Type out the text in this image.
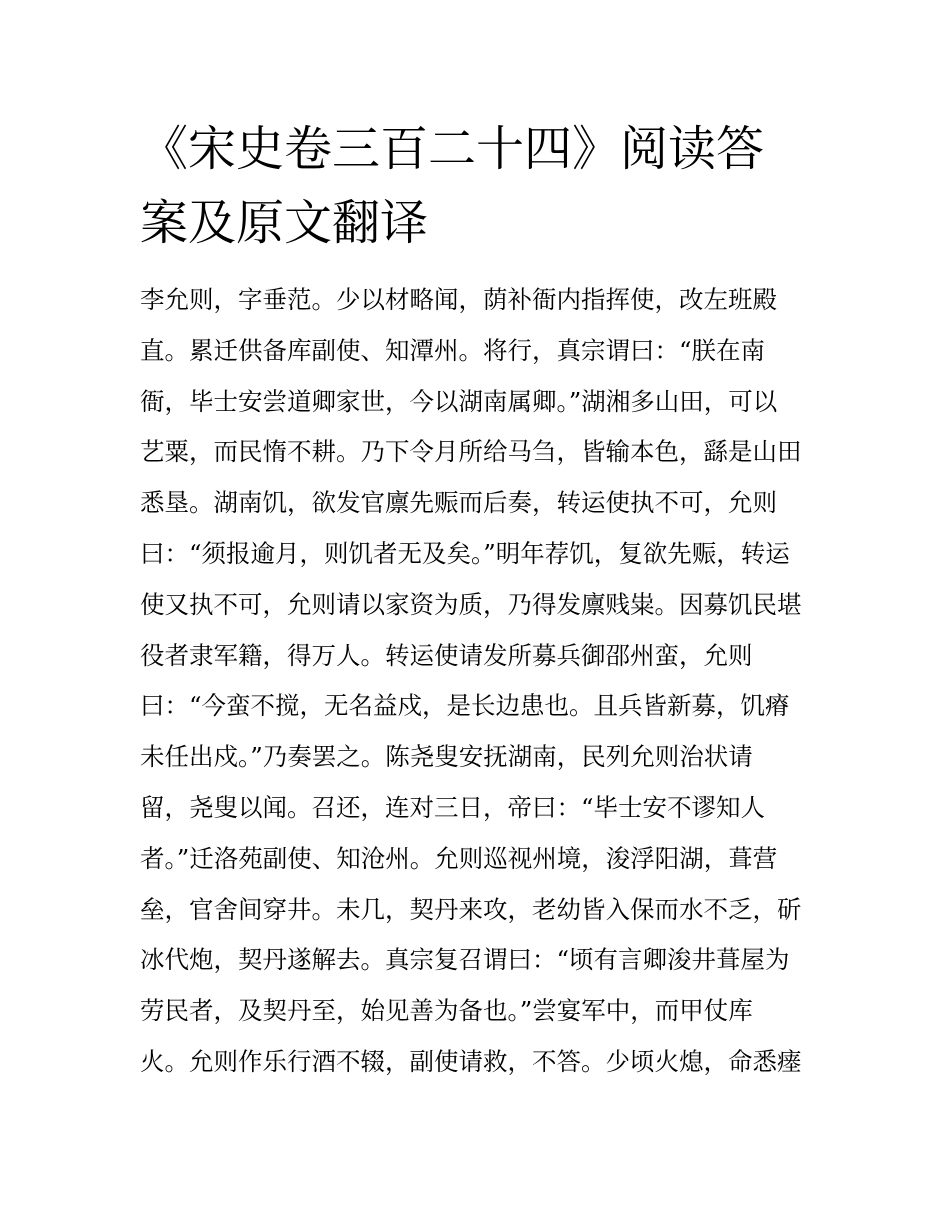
《宋史卷三百二十四》阅读答
案及原文翻译
李允则，字垂范。少以材略闻，荫补衙内指挥使，改左班殿
直。累迁供备库副使、知潭州。将行，真宗谓曰：“朕在南
衙，毕士安尝道卿家世，今以湖南属卿。”湖湘多山田，可以
艺粟，而民惰不耕。乃下令月所给马刍，皆输本色，繇是山田
悉垦。湖南饥，欲发官廪先赈而后奏，转运使执不可，允则
曰：“须报逾月，则饥者无及矣。”明年荐饥，复欲先赈，转运
使又执不可，允则请以家资为质，乃得发廪贱粜。因募饥民堪
役者隶军籍，得万人。转运使请发所募兵御邵州蛮，允则
曰：“今蛮不搅，无名益戍，是长边患也。且兵皆新募，饥瘠
未任出戍。”乃奏罢之。陈尧叟安抚湖南，民列允则治状请
留，尧叟以闻。召还，连对三日，帝曰：“毕士安不谬知人
者。”迁洛苑副使、知沧州。允则巡视州境，浚浮阳湖，葺营
垒，官舍间穿井。未几，契丹来攻，老幼皆入保而水不乏，斫
冰代炮，契丹遂解去。真宗复召谓曰：“顷有言卿浚井葺屋为
劳民者，及契丹至，始见善为备也。”尝宴军中，而甲仗库
火。允则作乐行酒不辍，副使请救，不答。少顷火熄，命悉瘗
